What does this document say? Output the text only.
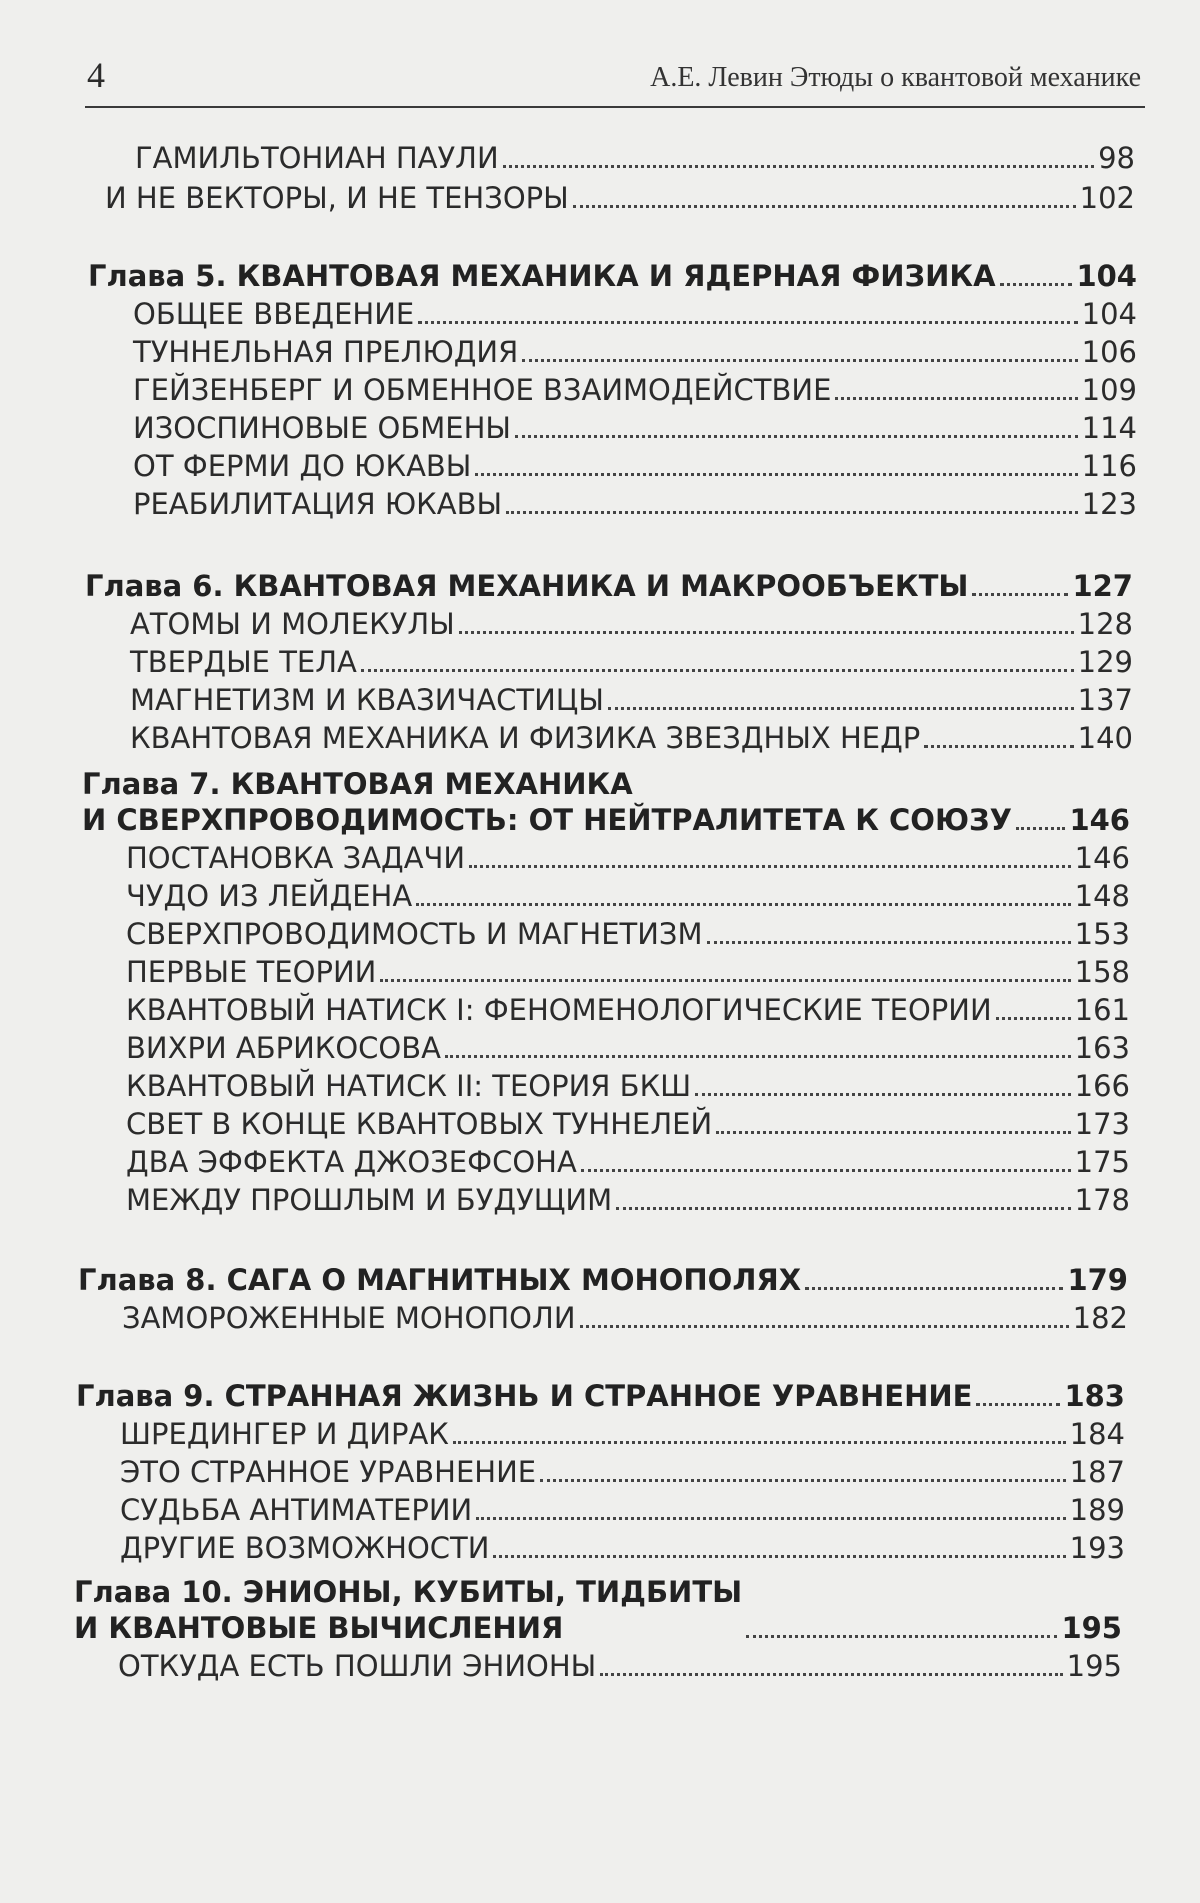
4	А.Е. Левин Этюды о квантовой механике
ГАМИЛЬТОНИАН ПАУЛИ	98
И НЕ ВЕКТОРЫ, И НЕ ТЕНЗОРЫ	102
Глава 5. КВАНТОВАЯ МЕХАНИКА И ЯДЕРНАЯ ФИЗИКА	104
ОБЩЕЕ ВВЕДЕНИЕ	104
ТУННЕЛЬНАЯ ПРЕЛЮДИЯ	106
ГЕЙЗЕНБЕРГ И ОБМЕННОЕ ВЗАИМОДЕЙСТВИЕ	109
ИЗОСПИНОВЫЕ ОБМЕНЫ	114
ОТ ФЕРМИ ДО ЮКАВЫ	116
РЕАБИЛИТАЦИЯ ЮКАВЫ	123
Глава 6. КВАНТОВАЯ МЕХАНИКА И МАКРООБЪЕКТЫ	127
АТОМЫ И МОЛЕКУЛЫ	128
ТВЕРДЫЕ ТЕЛА	129
МАГНЕТИЗМ И КВАЗИЧАСТИЦЫ	137
КВАНТОВАЯ МЕХАНИКА И ФИЗИКА ЗВЕЗДНЫХ НЕДР	140
Глава 7. КВАНТОВАЯ МЕХАНИКА
И СВЕРХПРОВОДИМОСТЬ: ОТ НЕЙТРАЛИТЕТА К СОЮЗУ 146
ПОСТАНОВКА ЗАДАЧИ	146
ЧУДО ИЗ ЛЕЙДЕНА	148
СВЕРХПРОВОДИМОСТЬ И МАГНЕТИЗМ	153
ПЕРВЫЕ ТЕОРИИ	158
КВАНТОВЫЙ НАТИСК I: ФЕНОМЕНОЛОГИЧЕСКИЕ ТЕОРИИ	161
ВИХРИ АБРИКОСОВА	163
КВАНТОВЫЙ НАТИСК II: ТЕОРИЯ БКШ	166
СВЕТ В КОНЦЕ КВАНТОВЫХ ТУННЕЛЕЙ	173
ДВА ЭФФЕКТА ДЖОЗЕФСОНА	175
МЕЖДУ ПРОШЛЫМ И БУДУЩИМ	178
Глава 8. САГА О МАГНИТНЫХ МОНОПОЛЯХ	179
ЗАМОРОЖЕННЫЕ МОНОПОЛИ	182
Глава 9. СТРАННАЯ ЖИЗНЬ И СТРАННОЕ УРАВНЕНИЕ	183
ШРЕДИНГЕР И ДИРАК	184
ЭТО СТРАННОЕ УРАВНЕНИЕ	187
СУДЬБА АНТИМАТЕРИИ	189
ДРУГИЕ ВОЗМОЖНОСТИ	193
Глава 10. ЭНИОНЫ, КУБИТЫ, ТИДБИТЫ
И КВАНТОВЫЕ ВЫЧИСЛЕНИЯ	195
ОТКУДА ЕСТЬ ПОШЛИ ЭНИОНЫ	195
